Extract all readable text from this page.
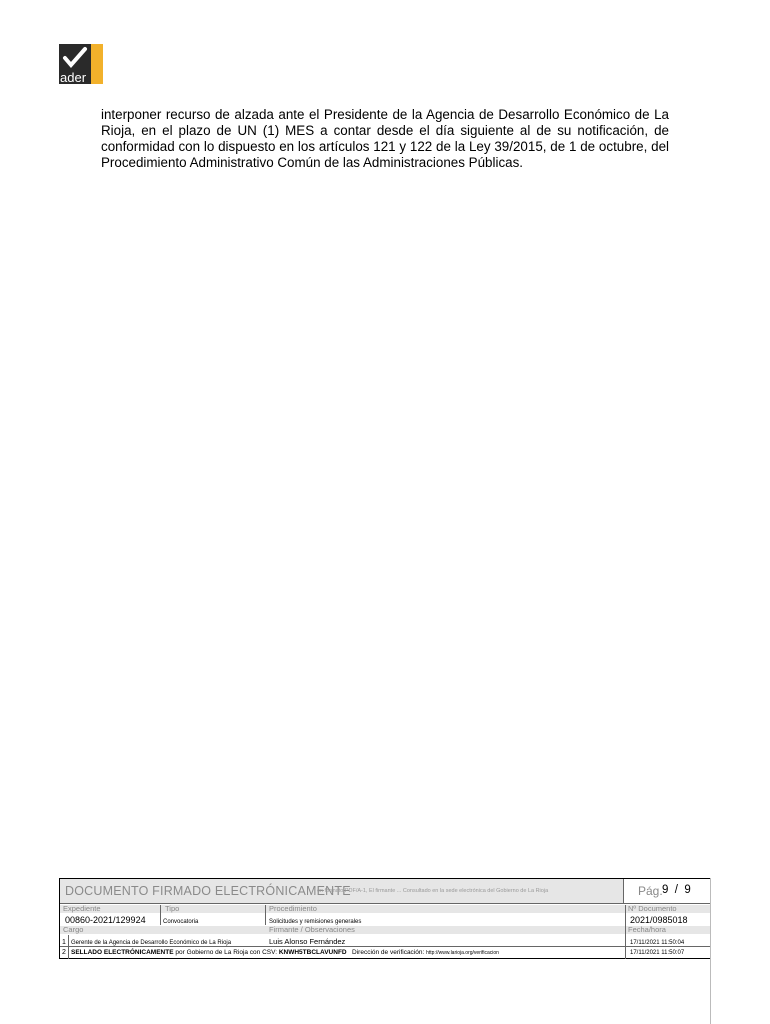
ader

interponer recurso de alzada ante el Presidente de la Agencia de Desarrollo Económico de La Rioja, en el plazo de UN (1) MES a contar desde el día siguiente al de su notificación, de conformidad con lo dispuesto en los artículos 121 y 122 de la Ley 39/2015, de 1 de octubre, del Procedimiento Administrativo Común de las Administraciones Públicas.

DOCUMENTO FIRMADO ELECTRÓNICAMENTE
en formato PDF/A-1, El firmante ... Consultado en la sede electrónica del Gobierno de La Rioja	Pág. 9 / 9
Expediente	Tipo	Procedimiento	Nº Documento
00860-2021/129924	Convocatoria	Solicitudes y remisiones generales	2021/0985018
Cargo	Firmante / Observaciones	Fecha/hora
1 Gerente de la Agencia de Desarrollo Económico de La Rioja	Luis Alonso Fernández	17/11/2021 11:50:04
2 SELLADO ELECTRÓNICAMENTE por Gobierno de La Rioja con CSV: KNWH5TBCLAVUNFD Dirección de verificación: http://www.larioja.org/verificacion	17/11/2021 11:50:07
